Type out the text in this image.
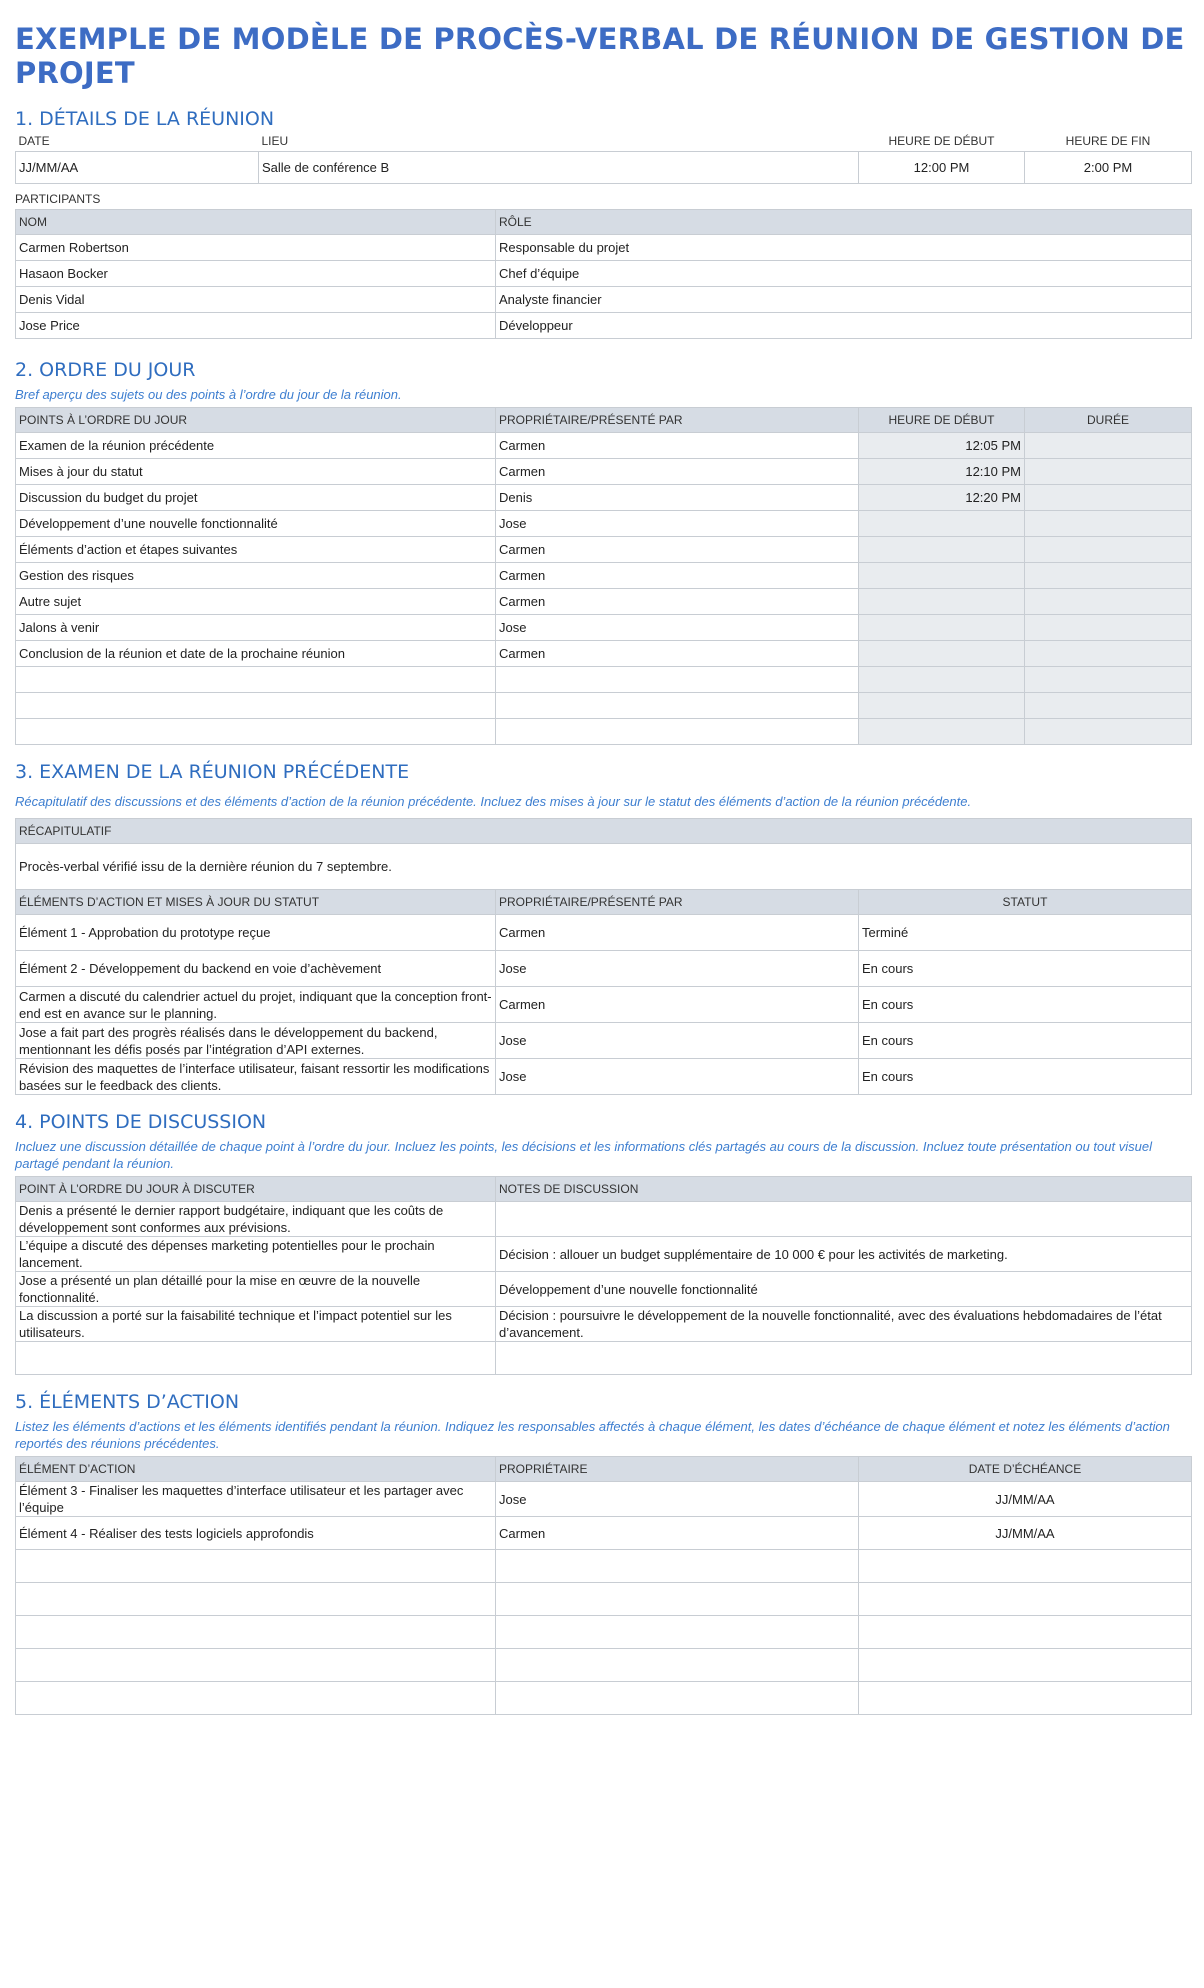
EXEMPLE DE MODÈLE DE PROCÈS-VERBAL DE RÉUNION DE GESTION DE PROJET
1. DÉTAILS DE LA RÉUNION
DATE	LIEU	HEURE DE DÉBUT	HEURE DE FIN
JJ/MM/AA	Salle de conférence B	12:00 PM	2:00 PM
PARTICIPANTS
NOM	RÔLE
Carmen Robertson	Responsable du projet
Hasaon Bocker	Chef d’équipe
Denis Vidal	Analyste financier
Jose Price	Développeur
2. ORDRE DU JOUR
Bref aperçu des sujets ou des points à l’ordre du jour de la réunion.
POINTS À L’ORDRE DU JOUR	PROPRIÉTAIRE/PRÉSENTÉ PAR	HEURE DE DÉBUT	DURÉE
Examen de la réunion précédente	Carmen	12:05 PM	
Mises à jour du statut	Carmen	12:10 PM	
Discussion du budget du projet	Denis	12:20 PM	
Développement d’une nouvelle fonctionnalité	Jose		
Éléments d’action et étapes suivantes	Carmen		
Gestion des risques	Carmen		
Autre sujet	Carmen		
Jalons à venir	Jose		
Conclusion de la réunion et date de la prochaine réunion	Carmen		

3. EXAMEN DE LA RÉUNION PRÉCÉDENTE
Récapitulatif des discussions et des éléments d’action de la réunion précédente. Incluez des mises à jour sur le statut des éléments d’action de la réunion précédente.
RÉCAPITULATIF		
Procès-verbal vérifié issu de la dernière réunion du 7 septembre.		
ÉLÉMENTS D’ACTION ET MISES À JOUR DU STATUT	PROPRIÉTAIRE/PRÉSENTÉ PAR	STATUT
Élément 1 - Approbation du prototype reçue	Carmen	Terminé
Élément 2 - Développement du backend en voie d’achèvement	Jose	En cours
Carmen a discuté du calendrier actuel du projet, indiquant que la conception front-end est en avance sur le planning.	Carmen	En cours
Jose a fait part des progrès réalisés dans le développement du backend, mentionnant les défis posés par l’intégration d’API externes.	Jose	En cours
Révision des maquettes de l’interface utilisateur, faisant ressortir les modifications basées sur le feedback des clients.	Jose	En cours
4. POINTS DE DISCUSSION
Incluez une discussion détaillée de chaque point à l’ordre du jour. Incluez les points, les décisions et les informations clés partagés au cours de la discussion. Incluez toute présentation ou tout visuel partagé pendant la réunion.
POINT À L’ORDRE DU JOUR À DISCUTER	NOTES DE DISCUSSION
Denis a présenté le dernier rapport budgétaire, indiquant que les coûts de développement sont conformes aux prévisions.	
L’équipe a discuté des dépenses marketing potentielles pour le prochain lancement.	Décision : allouer un budget supplémentaire de 10 000 € pour les activités de marketing.
Jose a présenté un plan détaillé pour la mise en œuvre de la nouvelle fonctionnalité.	Développement d’une nouvelle fonctionnalité
La discussion a porté sur la faisabilité technique et l’impact potentiel sur les utilisateurs.	Décision : poursuivre le développement de la nouvelle fonctionnalité, avec des évaluations hebdomadaires de l’état d’avancement.

5. ÉLÉMENTS D’ACTION
Listez les éléments d’actions et les éléments identifiés pendant la réunion. Indiquez les responsables affectés à chaque élément, les dates d’échéance de chaque élément et notez les éléments d’action reportés des réunions précédentes.
ÉLÉMENT D’ACTION	PROPRIÉTAIRE	DATE D’ÉCHÉANCE
Élément 3 - Finaliser les maquettes d’interface utilisateur et les partager avec l’équipe	Jose	JJ/MM/AA
Élément 4 - Réaliser des tests logiciels approfondis	Carmen	JJ/MM/AA
